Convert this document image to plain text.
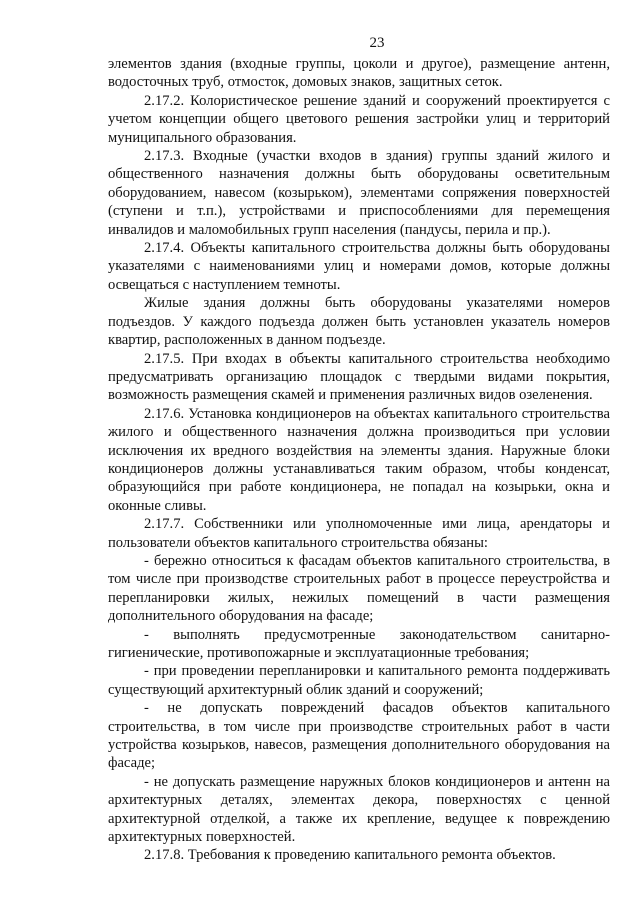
23

элементов здания (входные группы, цоколи и другое), размещение антенн, водосточных труб, отмосток, домовых знаков, защитных сеток.

2.17.2. Колористическое решение зданий и сооружений проектируется с учетом концепции общего цветового решения застройки улиц и территорий муниципального образования.

2.17.3. Входные (участки входов в здания) группы зданий жилого и общественного назначения должны быть оборудованы осветительным оборудованием, навесом (козырьком), элементами сопряжения поверхностей (ступени и т.п.), устройствами и приспособлениями для перемещения инвалидов и маломобильных групп населения (пандусы, перила и пр.).

2.17.4. Объекты капитального строительства должны быть оборудованы указателями с наименованиями улиц и номерами домов, которые должны освещаться с наступлением темноты.

Жилые здания должны быть оборудованы указателями номеров подъездов. У каждого подъезда должен быть установлен указатель номеров квартир, расположенных в данном подъезде.

2.17.5. При входах в объекты капитального строительства необходимо предусматривать организацию площадок с твердыми видами покрытия, возможность размещения скамей и применения различных видов озеленения.

2.17.6. Установка кондиционеров на объектах капитального строительства жилого и общественного назначения должна производиться при условии исключения их вредного воздействия на элементы здания. Наружные блоки кондиционеров должны устанавливаться таким образом, чтобы конденсат, образующийся при работе кондиционера, не попадал на козырьки, окна и оконные сливы.

2.17.7. Собственники или уполномоченные ими лица, арендаторы и пользователи объектов капитального строительства обязаны:

- бережно относиться к фасадам объектов капитального строительства, в том числе при производстве строительных работ в процессе переустройства и перепланировки жилых, нежилых помещений в части размещения дополнительного оборудования на фасаде;

- выполнять предусмотренные законодательством санитарно-гигиенические, противопожарные и эксплуатационные требования;

- при проведении перепланировки и капитального ремонта поддерживать существующий архитектурный облик зданий и сооружений;

- не допускать повреждений фасадов объектов капитального строительства, в том числе при производстве строительных работ в части устройства козырьков, навесов, размещения дополнительного оборудования на фасаде;

- не допускать размещение наружных блоков кондиционеров и антенн на архитектурных деталях, элементах декора, поверхностях с ценной архитектурной отделкой, а также их крепление, ведущее к повреждению архитектурных поверхностей.

2.17.8. Требования к проведению капитального ремонта объектов.
